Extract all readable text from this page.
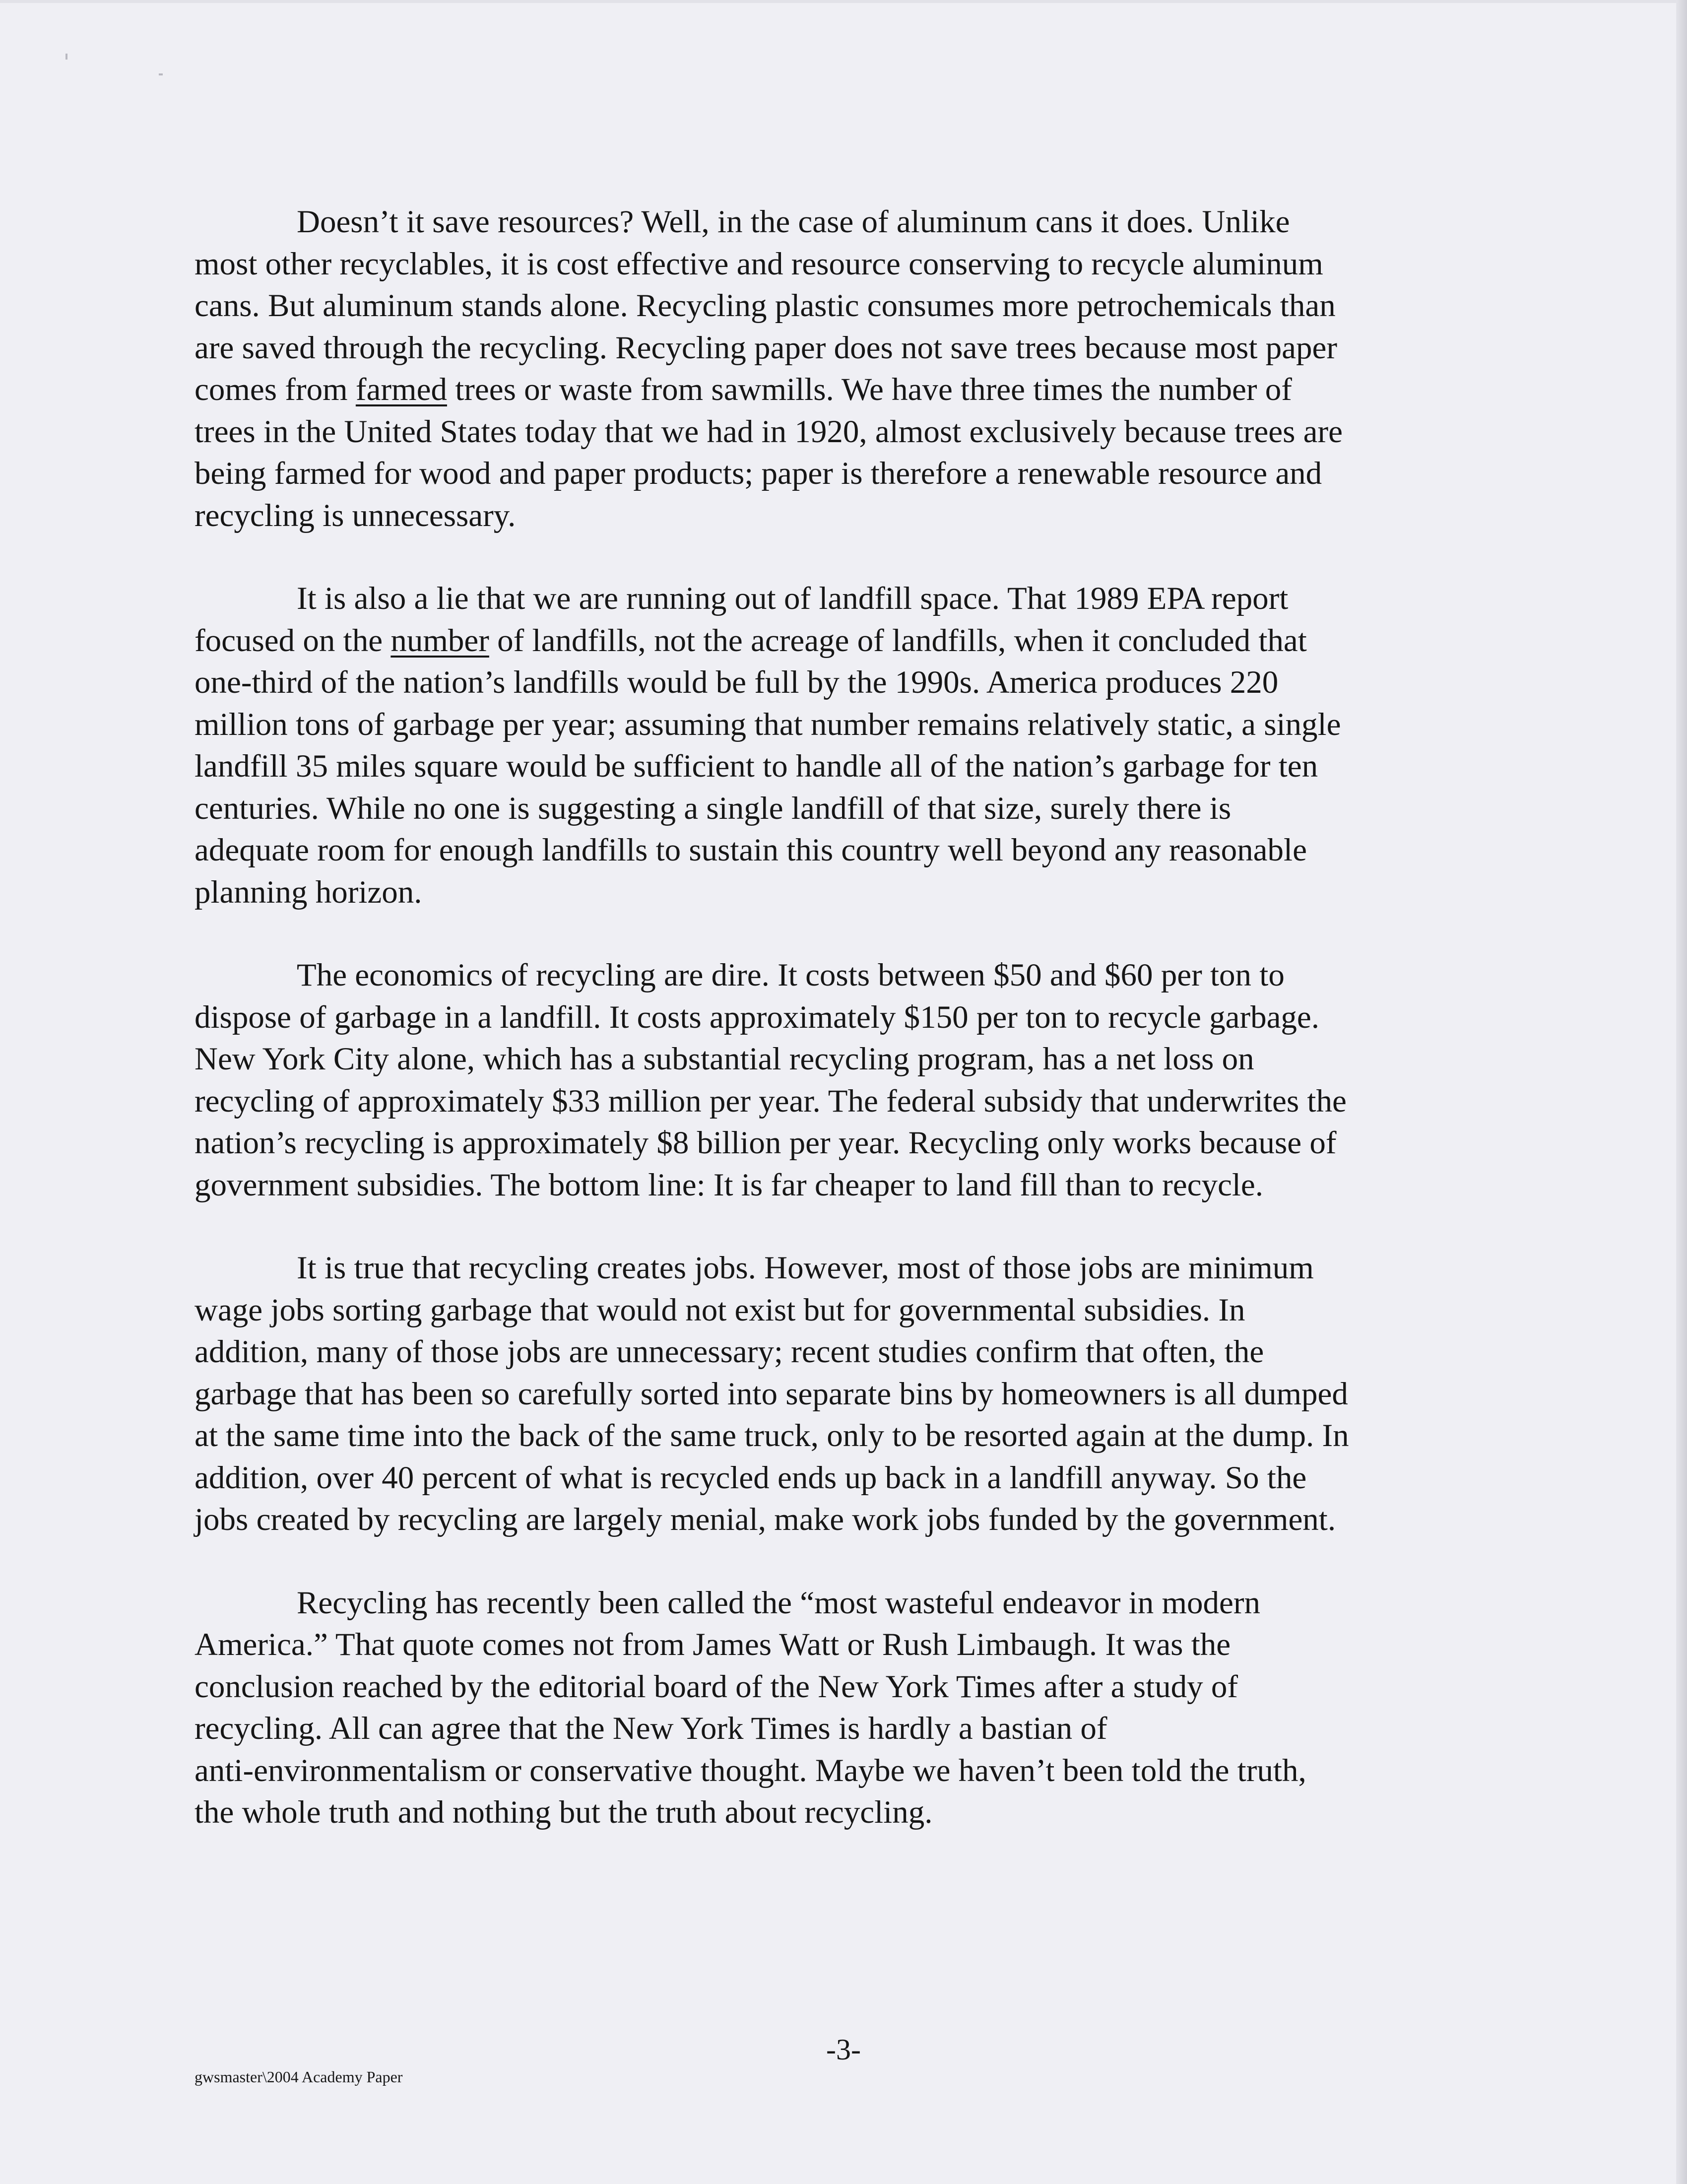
Doesn’t it save resources? Well, in the case of aluminum cans it does. Unlike
most other recyclables, it is cost effective and resource conserving to recycle aluminum
cans. But aluminum stands alone. Recycling plastic consumes more petrochemicals than
are saved through the recycling. Recycling paper does not save trees because most paper
comes from farmed trees or waste from sawmills. We have three times the number of
trees in the United States today that we had in 1920, almost exclusively because trees are
being farmed for wood and paper products; paper is therefore a renewable resource and
recycling is unnecessary.

It is also a lie that we are running out of landfill space. That 1989 EPA report
focused on the number of landfills, not the acreage of landfills, when it concluded that
one-third of the nation’s landfills would be full by the 1990s. America produces 220
million tons of garbage per year; assuming that number remains relatively static, a single
landfill 35 miles square would be sufficient to handle all of the nation’s garbage for ten
centuries. While no one is suggesting a single landfill of that size, surely there is
adequate room for enough landfills to sustain this country well beyond any reasonable
planning horizon.

The economics of recycling are dire. It costs between $50 and $60 per ton to
dispose of garbage in a landfill. It costs approximately $150 per ton to recycle garbage.
New York City alone, which has a substantial recycling program, has a net loss on
recycling of approximately $33 million per year. The federal subsidy that underwrites the
nation’s recycling is approximately $8 billion per year. Recycling only works because of
government subsidies. The bottom line: It is far cheaper to land fill than to recycle.

It is true that recycling creates jobs. However, most of those jobs are minimum
wage jobs sorting garbage that would not exist but for governmental subsidies. In
addition, many of those jobs are unnecessary; recent studies confirm that often, the
garbage that has been so carefully sorted into separate bins by homeowners is all dumped
at the same time into the back of the same truck, only to be resorted again at the dump. In
addition, over 40 percent of what is recycled ends up back in a landfill anyway. So the
jobs created by recycling are largely menial, make work jobs funded by the government.

Recycling has recently been called the “most wasteful endeavor in modern
America.” That quote comes not from James Watt or Rush Limbaugh. It was the
conclusion reached by the editorial board of the New York Times after a study of
recycling. All can agree that the New York Times is hardly a bastian of
anti-environmentalism or conservative thought. Maybe we haven’t been told the truth,
the whole truth and nothing but the truth about recycling.

-3-
gwsmaster\2004 Academy Paper
